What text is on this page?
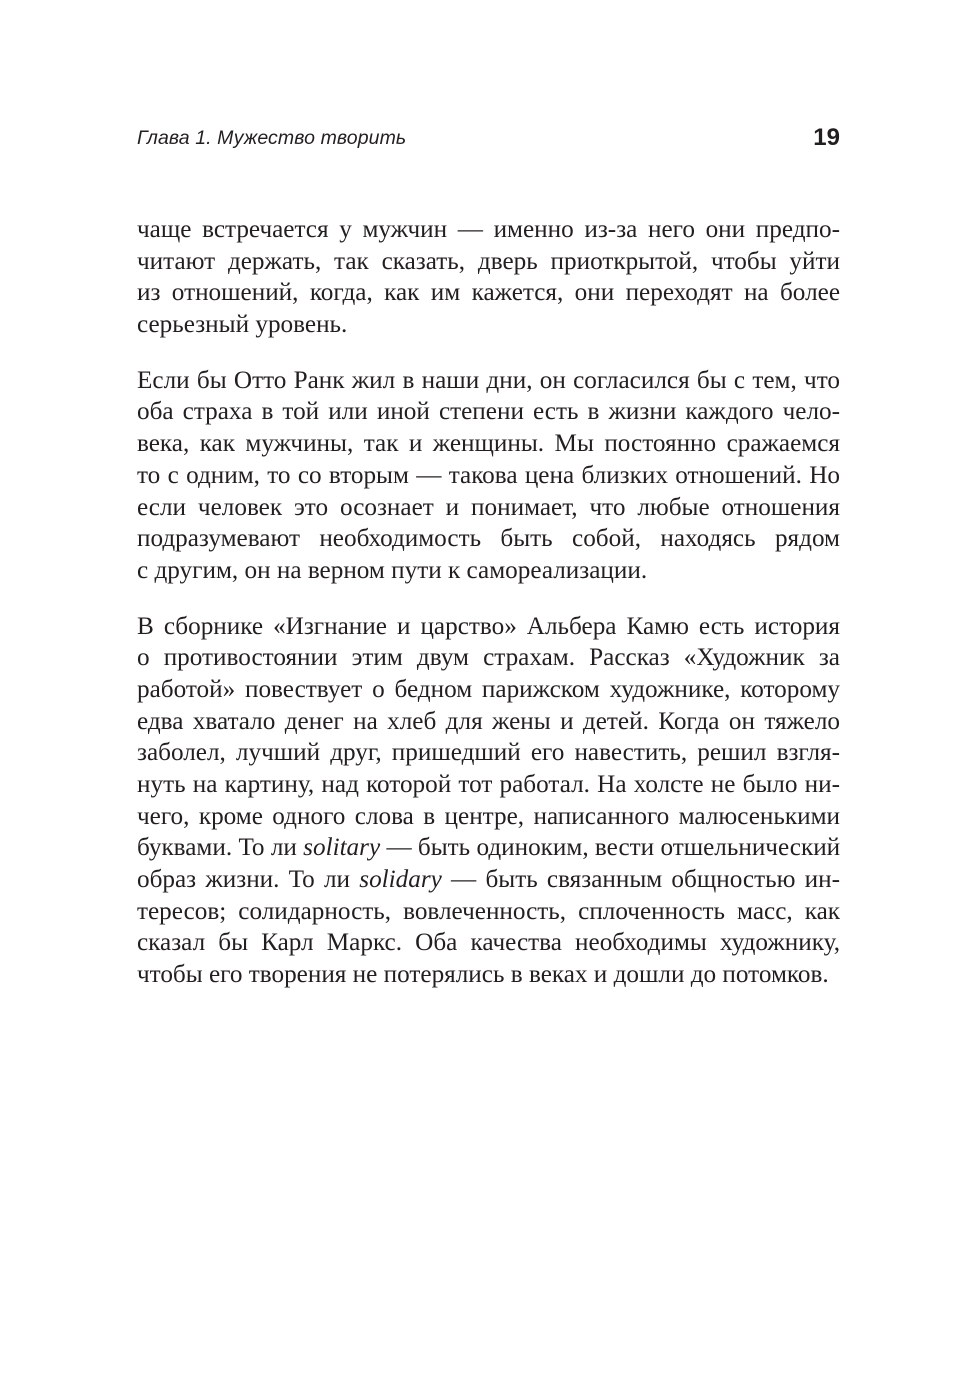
Глава 1. Мужество творить	19

чаще встречается у мужчин — именно из-за него они предпо-
читают держать, так сказать, дверь приоткрытой, чтобы уйти
из отношений, когда, как им кажется, они переходят на более
серьезный уровень.

Если бы Отто Ранк жил в наши дни, он согласился бы с тем, что
оба страха в той или иной степени есть в жизни каждого чело-
века, как мужчины, так и женщины. Мы постоянно сражаемся
то с одним, то со вторым — такова цена близких отношений. Но
если человек это осознает и понимает, что любые отношения
подразумевают необходимость быть собой, находясь рядом
с другим, он на верном пути к самореализации.

В сборнике «Изгнание и царство» Альбера Камю есть история
о противостоянии этим двум страхам. Рассказ «Художник за
работой» повествует о бедном парижском художнике, которому
едва хватало денег на хлеб для жены и детей. Когда он тяжело
заболел, лучший друг, пришедший его навестить, решил взгля-
нуть на картину, над которой тот работал. На холсте не было ни-
чего, кроме одного слова в центре, написанного малюсенькими
буквами. То ли solitary — быть одиноким, вести отшельнический
образ жизни. То ли solidary — быть связанным общностью ин-
тересов; солидарность, вовлеченность, сплоченность масс, как
сказал бы Карл Маркс. Оба качества необходимы художнику,
чтобы его творения не потерялись в веках и дошли до потомков.
